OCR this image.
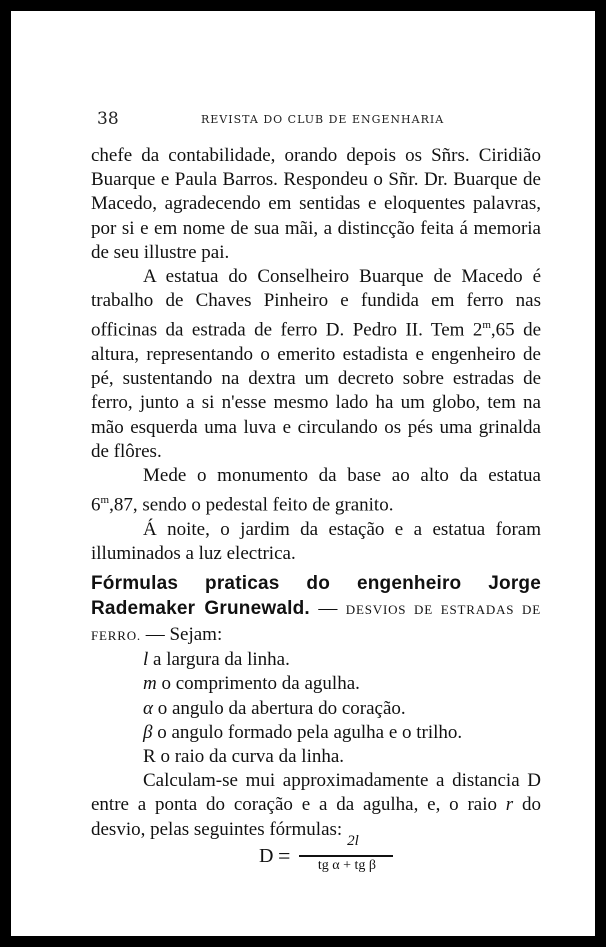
38	REVISTA DO CLUB DE ENGENHARIA

chefe da contabilidade, orando depois os Sñrs. Ciridião Buarque e Paula Barros. Respondeu o Sñr. Dr. Buarque de Macedo, agradecendo em sentidas e eloquentes palavras, por si e em nome de sua mãi, a distincção feita á memoria de seu illustre pai.

A estatua do Conselheiro Buarque de Macedo é trabalho de Chaves Pinheiro e fundida em ferro nas officinas da estrada de ferro D. Pedro II. Tem 2$^m$,65 de altura, representando o emerito estadista e engenheiro de pé, sustentando na dextra um decreto sobre estradas de ferro, junto a si n'esse mesmo lado ha um globo, tem na mão esquerda uma luva e circulando os pés uma grinalda de flôres.

Mede o monumento da base ao alto da estatua 6$^m$,87, sendo o pedestal feito de granito.

Á noite, o jardim da estação e a estatua foram illuminados a luz electrica.

Fórmulas praticas do engenheiro Jorge Rademaker Grunewald. — DESVIOS DE ESTRADAS DE FERRO. — Sejam:

l a largura da linha.

m o comprimento da agulha.

α o angulo da abertura do coração.

β o angulo formado pela agulha e o trilho.

R o raio da curva da linha.

Calculam-se mui approximadamente a distancia D entre a ponta do coração e a da agulha, e, o raio r do desvio, pelas seguintes fórmulas:

D =
2l
tg α + tg β
